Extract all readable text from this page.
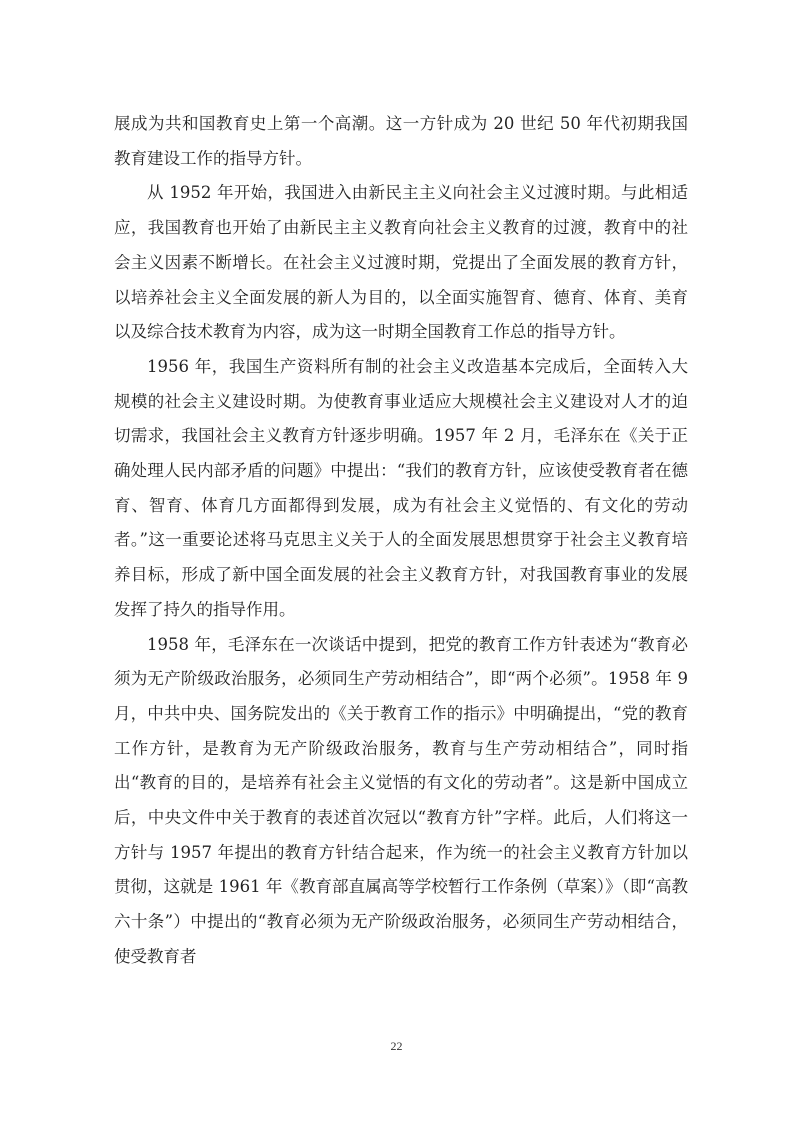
展成为共和国教育史上第一个高潮。这一方针成为 20 世纪 50 年代初期我国教育建设工作的指导方针。

从 1952 年开始，我国进入由新民主主义向社会主义过渡时期。与此相适应，我国教育也开始了由新民主主义教育向社会主义教育的过渡，教育中的社会主义因素不断增长。在社会主义过渡时期，党提出了全面发展的教育方针，以培养社会主义全面发展的新人为目的，以全面实施智育、德育、体育、美育以及综合技术教育为内容，成为这一时期全国教育工作总的指导方针。

1956 年，我国生产资料所有制的社会主义改造基本完成后，全面转入大规模的社会主义建设时期。为使教育事业适应大规模社会主义建设对人才的迫切需求，我国社会主义教育方针逐步明确。1957 年 2 月，毛泽东在《关于正确处理人民内部矛盾的问题》中提出：“我们的教育方针，应该使受教育者在德育、智育、体育几方面都得到发展，成为有社会主义觉悟的、有文化的劳动者。”这一重要论述将马克思主义关于人的全面发展思想贯穿于社会主义教育培养目标，形成了新中国全面发展的社会主义教育方针，对我国教育事业的发展发挥了持久的指导作用。

1958 年，毛泽东在一次谈话中提到，把党的教育工作方针表述为“教育必须为无产阶级政治服务，必须同生产劳动相结合”，即“两个必须”。1958 年 9 月，中共中央、国务院发出的《关于教育工作的指示》中明确提出，“党的教育工作方针，是教育为无产阶级政治服务，教育与生产劳动相结合”，同时指出“教育的目的，是培养有社会主义觉悟的有文化的劳动者”。这是新中国成立后，中央文件中关于教育的表述首次冠以“教育方针”字样。此后，人们将这一方针与 1957 年提出的教育方针结合起来，作为统一的社会主义教育方针加以贯彻，这就是 1961 年《教育部直属高等学校暂行工作条例（草案）》（即“高教六十条”）中提出的“教育必须为无产阶级政治服务，必须同生产劳动相结合，使受教育者

22
